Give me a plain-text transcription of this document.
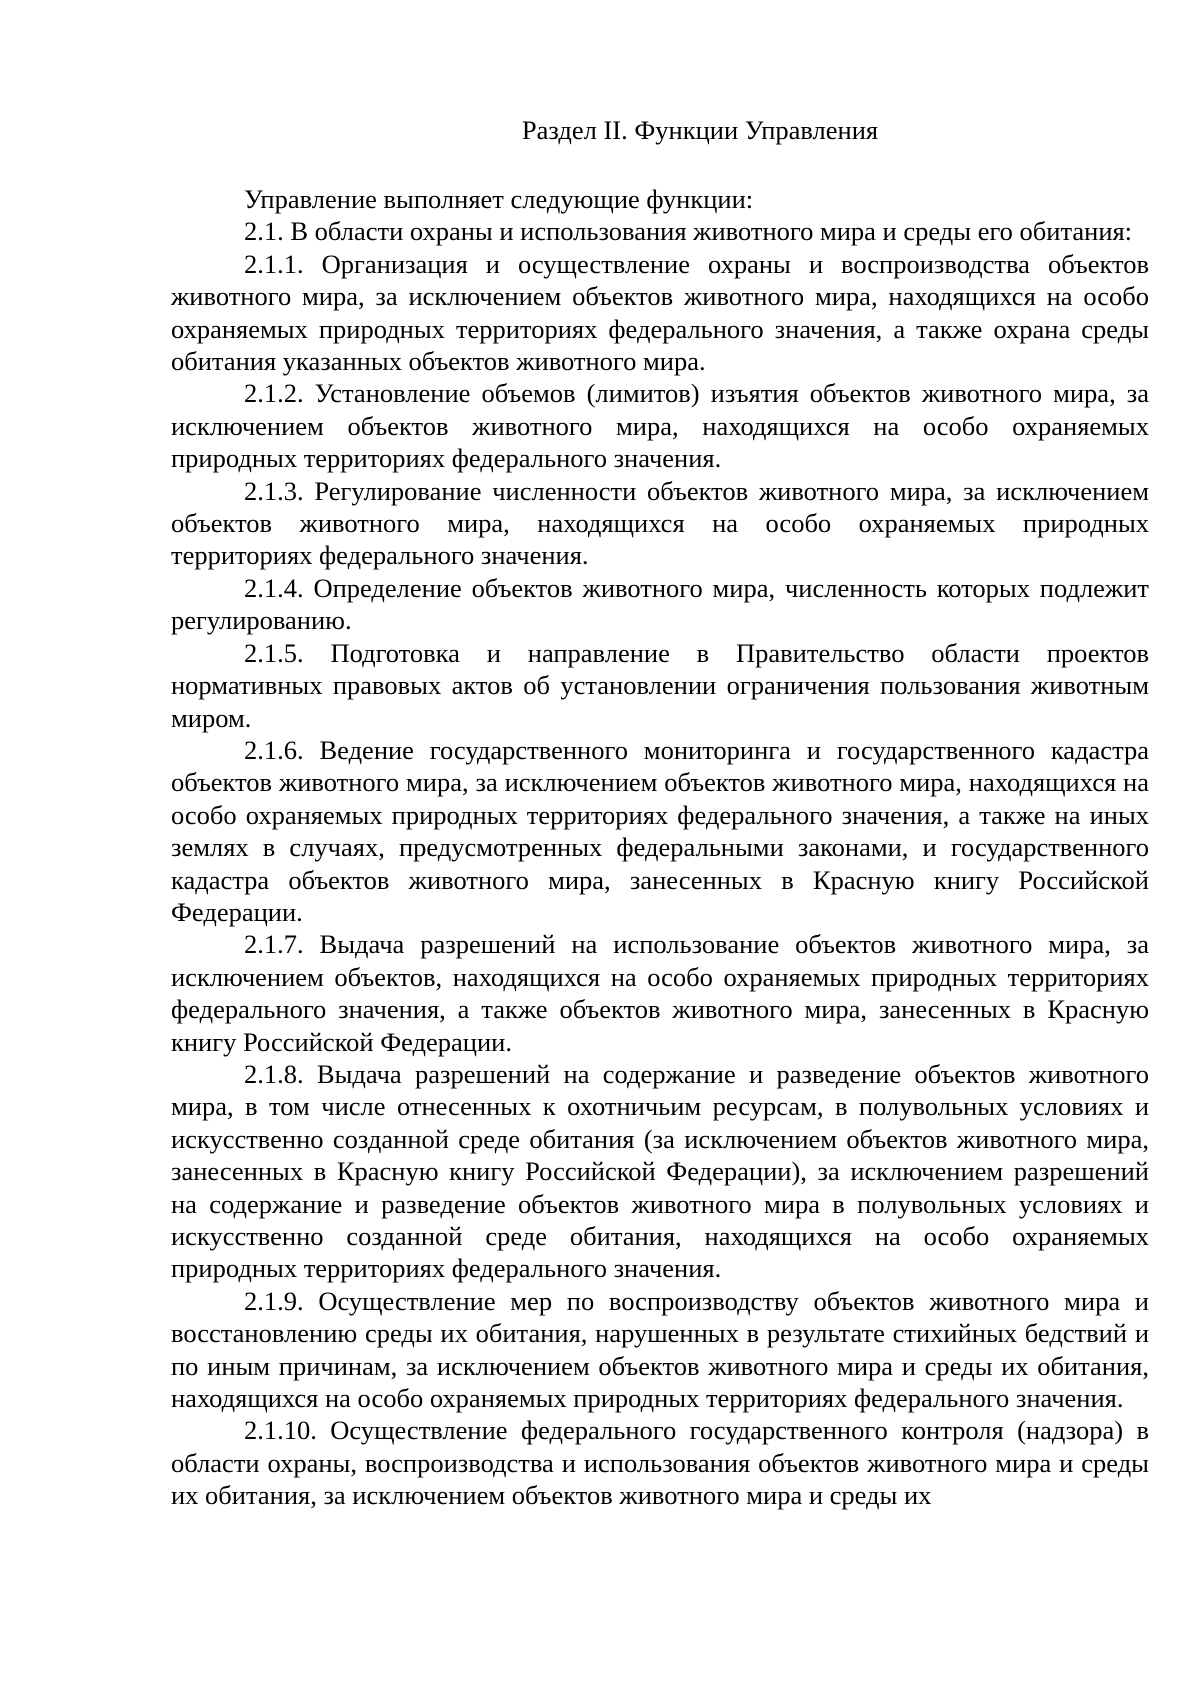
Раздел II. Функции Управления

Управление выполняет следующие функции:

2.1. В области охраны и использования животного мира и среды его обитания:

2.1.1. Организация и осуществление охраны и воспроизводства объектов животного мира, за исключением объектов животного мира, находящихся на особо охраняемых природных территориях федерального значения, а также охрана среды обитания указанных объектов животного мира.

2.1.2. Установление объемов (лимитов) изъятия объектов животного мира, за исключением объектов животного мира, находящихся на особо охраняемых природных территориях федерального значения.

2.1.3. Регулирование численности объектов животного мира, за исключением объектов животного мира, находящихся на особо охраняемых природных территориях федерального значения.

2.1.4. Определение объектов животного мира, численность которых подлежит регулированию.

2.1.5. Подготовка и направление в Правительство области проектов нормативных правовых актов об установлении ограничения пользования животным миром.

2.1.6. Ведение государственного мониторинга и государственного кадастра объектов животного мира, за исключением объектов животного мира, находящихся на особо охраняемых природных территориях федерального значения, а также на иных землях в случаях, предусмотренных федеральными законами, и государственного кадастра объектов животного мира, занесенных в Красную книгу Российской Федерации.

2.1.7. Выдача разрешений на использование объектов животного мира, за исключением объектов, находящихся на особо охраняемых природных территориях федерального значения, а также объектов животного мира, занесенных в Красную книгу Российской Федерации.

2.1.8. Выдача разрешений на содержание и разведение объектов животного мира, в том числе отнесенных к охотничьим ресурсам, в полувольных условиях и искусственно созданной среде обитания (за исключением объектов животного мира, занесенных в Красную книгу Российской Федерации), за исключением разрешений на содержание и разведение объектов животного мира в полувольных условиях и искусственно созданной среде обитания, находящихся на особо охраняемых природных территориях федерального значения.

2.1.9. Осуществление мер по воспроизводству объектов животного мира и восстановлению среды их обитания, нарушенных в результате стихийных бедствий и по иным причинам, за исключением объектов животного мира и среды их обитания, находящихся на особо охраняемых природных территориях федерального значения.

2.1.10. Осуществление федерального государственного контроля (надзора) в области охраны, воспроизводства и использования объектов животного мира и среды их обитания, за исключением объектов животного мира и среды их
